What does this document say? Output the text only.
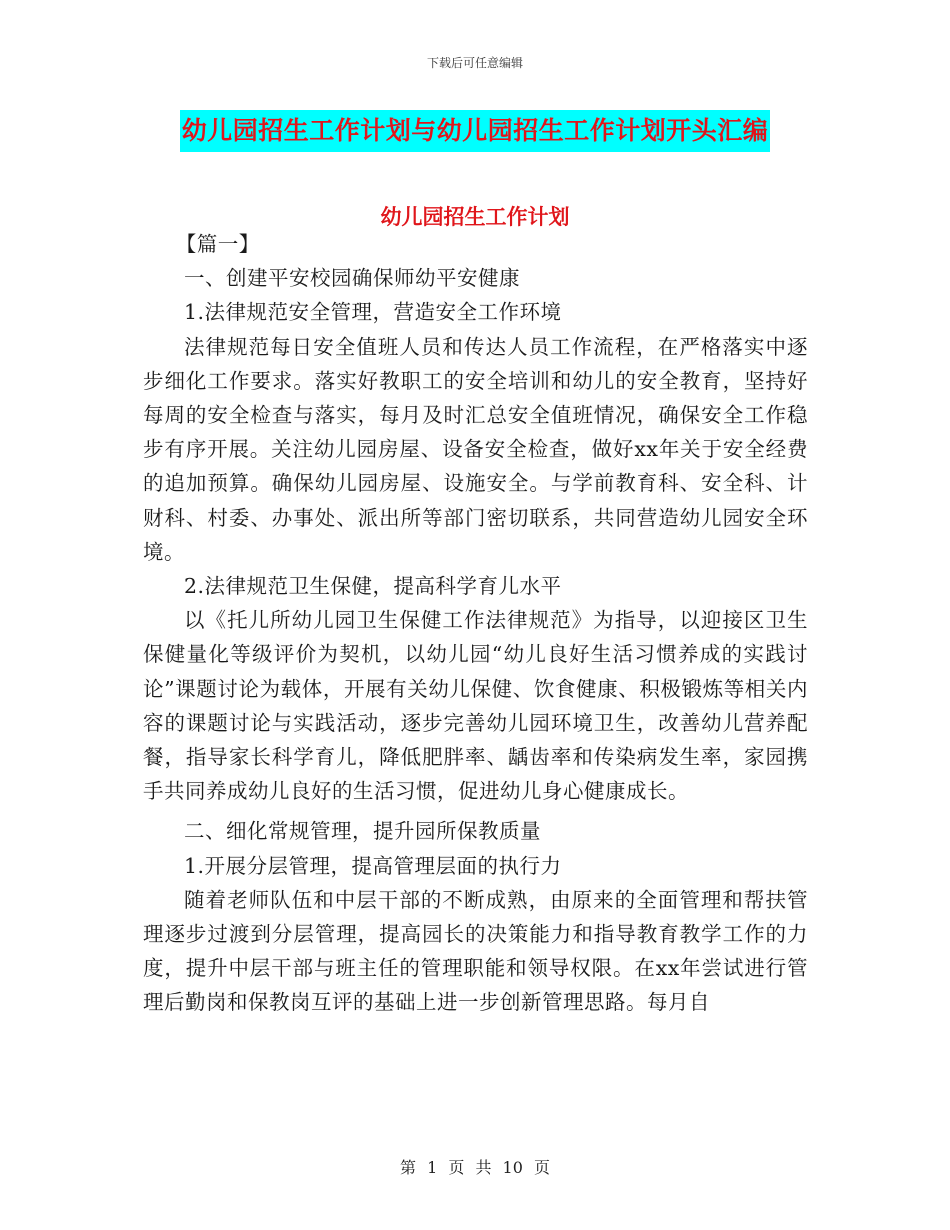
下载后可任意编辑
幼儿园招生工作计划与幼儿园招生工作计划开头汇编
幼儿园招生工作计划

【篇一】

一、创建平安校园确保师幼平安健康

1.法律规范安全管理，营造安全工作环境

法律规范每日安全值班人员和传达人员工作流程，在严格落实中逐步细化工作要求。落实好教职工的安全培训和幼儿的安全教育，坚持好每周的安全检查与落实，每月及时汇总安全值班情况，确保安全工作稳步有序开展。关注幼儿园房屋、设备安全检查，做好xx年关于安全经费的追加预算。确保幼儿园房屋、设施安全。与学前教育科、安全科、计财科、村委、办事处、派出所等部门密切联系，共同营造幼儿园安全环境。

2.法律规范卫生保健，提高科学育儿水平

以《托儿所幼儿园卫生保健工作法律规范》为指导，以迎接区卫生保健量化等级评价为契机，以幼儿园“幼儿良好生活习惯养成的实践讨论”课题讨论为载体，开展有关幼儿保健、饮食健康、积极锻炼等相关内容的课题讨论与实践活动，逐步完善幼儿园环境卫生，改善幼儿营养配餐，指导家长科学育儿，降低肥胖率、龋齿率和传染病发生率，家园携手共同养成幼儿良好的生活习惯，促进幼儿身心健康成长。

二、细化常规管理，提升园所保教质量

1.开展分层管理，提高管理层面的执行力

随着老师队伍和中层干部的不断成熟，由原来的全面管理和帮扶管理逐步过渡到分层管理，提高园长的决策能力和指导教育教学工作的力度，提升中层干部与班主任的管理职能和领导权限。在xx年尝试进行管理后勤岗和保教岗互评的基础上进一步创新管理思路。每月自

第 1 页 共 10 页
